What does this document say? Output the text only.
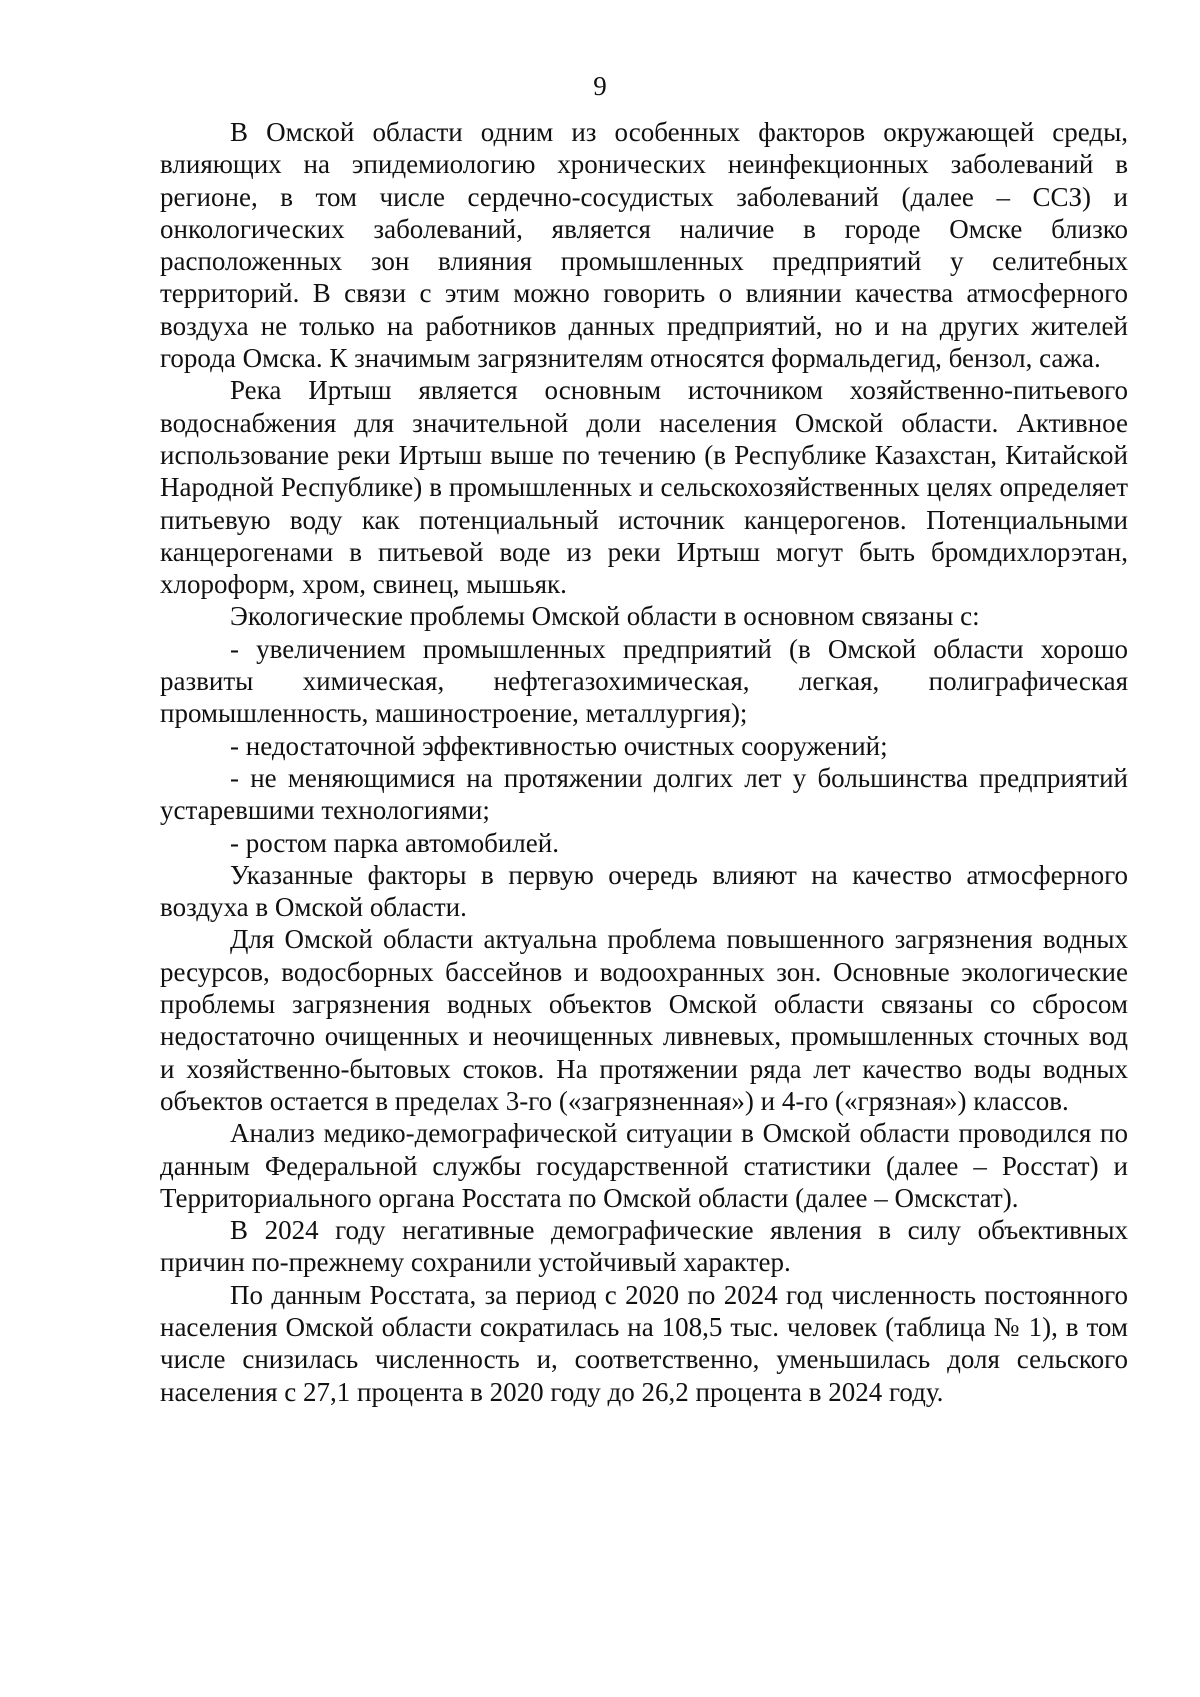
9

В Омской области одним из особенных факторов окружающей среды, влияющих на эпидемиологию хронических неинфекционных заболеваний в регионе, в том числе сердечно-сосудистых заболеваний (далее – ССЗ) и онкологических заболеваний, является наличие в городе Омске близко расположенных зон влияния промышленных предприятий у селитебных территорий. В связи с этим можно говорить о влиянии качества атмосферного воздуха не только на работников данных предприятий, но и на других жителей города Омска. К значимым загрязнителям относятся формальдегид, бензол, сажа.

Река Иртыш является основным источником хозяйственно-питьевого водоснабжения для значительной доли населения Омской области. Активное использование реки Иртыш выше по течению (в Республике Казахстан, Китайской Народной Республике) в промышленных и сельскохозяйственных целях определяет питьевую воду как потенциальный источник канцерогенов. Потенциальными канцерогенами в питьевой воде из реки Иртыш могут быть бромдихлорэтан, хлороформ, хром, свинец, мышьяк.

Экологические проблемы Омской области в основном связаны с:

- увеличением промышленных предприятий (в Омской области хорошо развиты химическая, нефтегазохимическая, легкая, полиграфическая промышленность, машиностроение, металлургия);

- недостаточной эффективностью очистных сооружений;

- не меняющимися на протяжении долгих лет у большинства предприятий устаревшими технологиями;

- ростом парка автомобилей.

Указанные факторы в первую очередь влияют на качество атмосферного воздуха в Омской области.

Для Омской области актуальна проблема повышенного загрязнения водных ресурсов, водосборных бассейнов и водоохранных зон. Основные экологические проблемы загрязнения водных объектов Омской области связаны со сбросом недостаточно очищенных и неочищенных ливневых, промышленных сточных вод и хозяйственно-бытовых стоков. На протяжении ряда лет качество воды водных объектов остается в пределах 3-го («загрязненная») и 4-го («грязная») классов.

Анализ медико-демографической ситуации в Омской области проводился по данным Федеральной службы государственной статистики (далее – Росстат) и Территориального органа Росстата по Омской области (далее – Омскстат).

В 2024 году негативные демографические явления в силу объективных причин по-прежнему сохранили устойчивый характер.

По данным Росстата, за период с 2020 по 2024 год численность постоянного населения Омской области сократилась на 108,5 тыс. человек (таблица № 1), в том числе снизилась численность и, соответственно, уменьшилась доля сельского населения с 27,1 процента в 2020 году до 26,2 процента в 2024 году.
